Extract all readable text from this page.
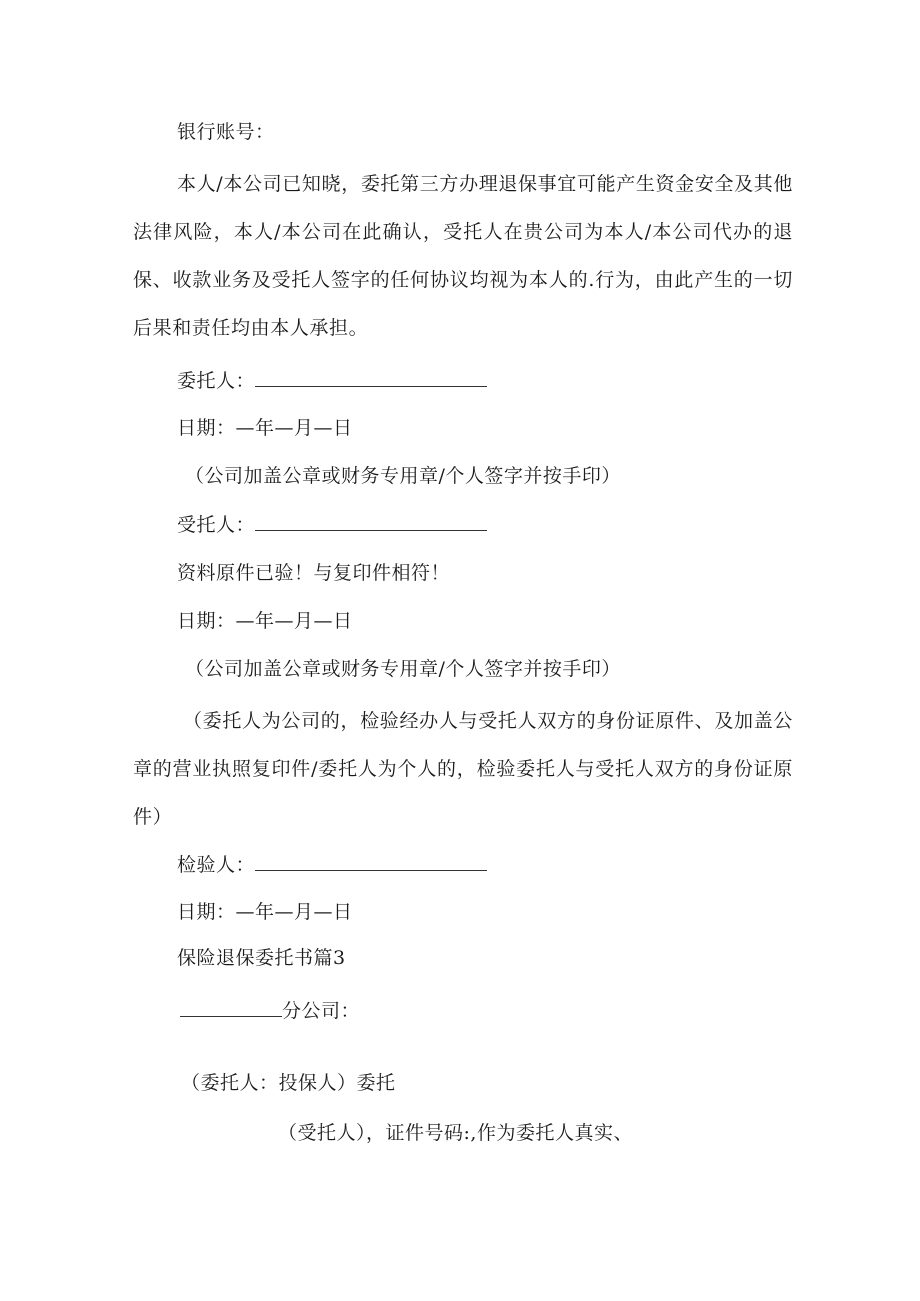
银行账号：
本人/本公司已知晓，委托第三方办理退保事宜可能产生资金安全及其他法律风险，本人/本公司在此确认，受托人在贵公司为本人/本公司代办的退保、收款业务及受托人签字的任何协议均视为本人的.行为，由此产生的一切后果和责任均由本人承担。
委托人：
日期：—年—月—日
（公司加盖公章或财务专用章/个人签字并按手印）
受托人：
资料原件已验！与复印件相符！
日期：—年—月—日
（公司加盖公章或财务专用章/个人签字并按手印）
（委托人为公司的，检验经办人与受托人双方的身份证原件、及加盖公章的营业执照复印件/委托人为个人的，检验委托人与受托人双方的身份证原件）
检验人：
日期：—年—月—日
保险退保委托书篇3
分公司：
（委托人：投保人）委托
（受托人），证件号码:,作为委托人真实、
